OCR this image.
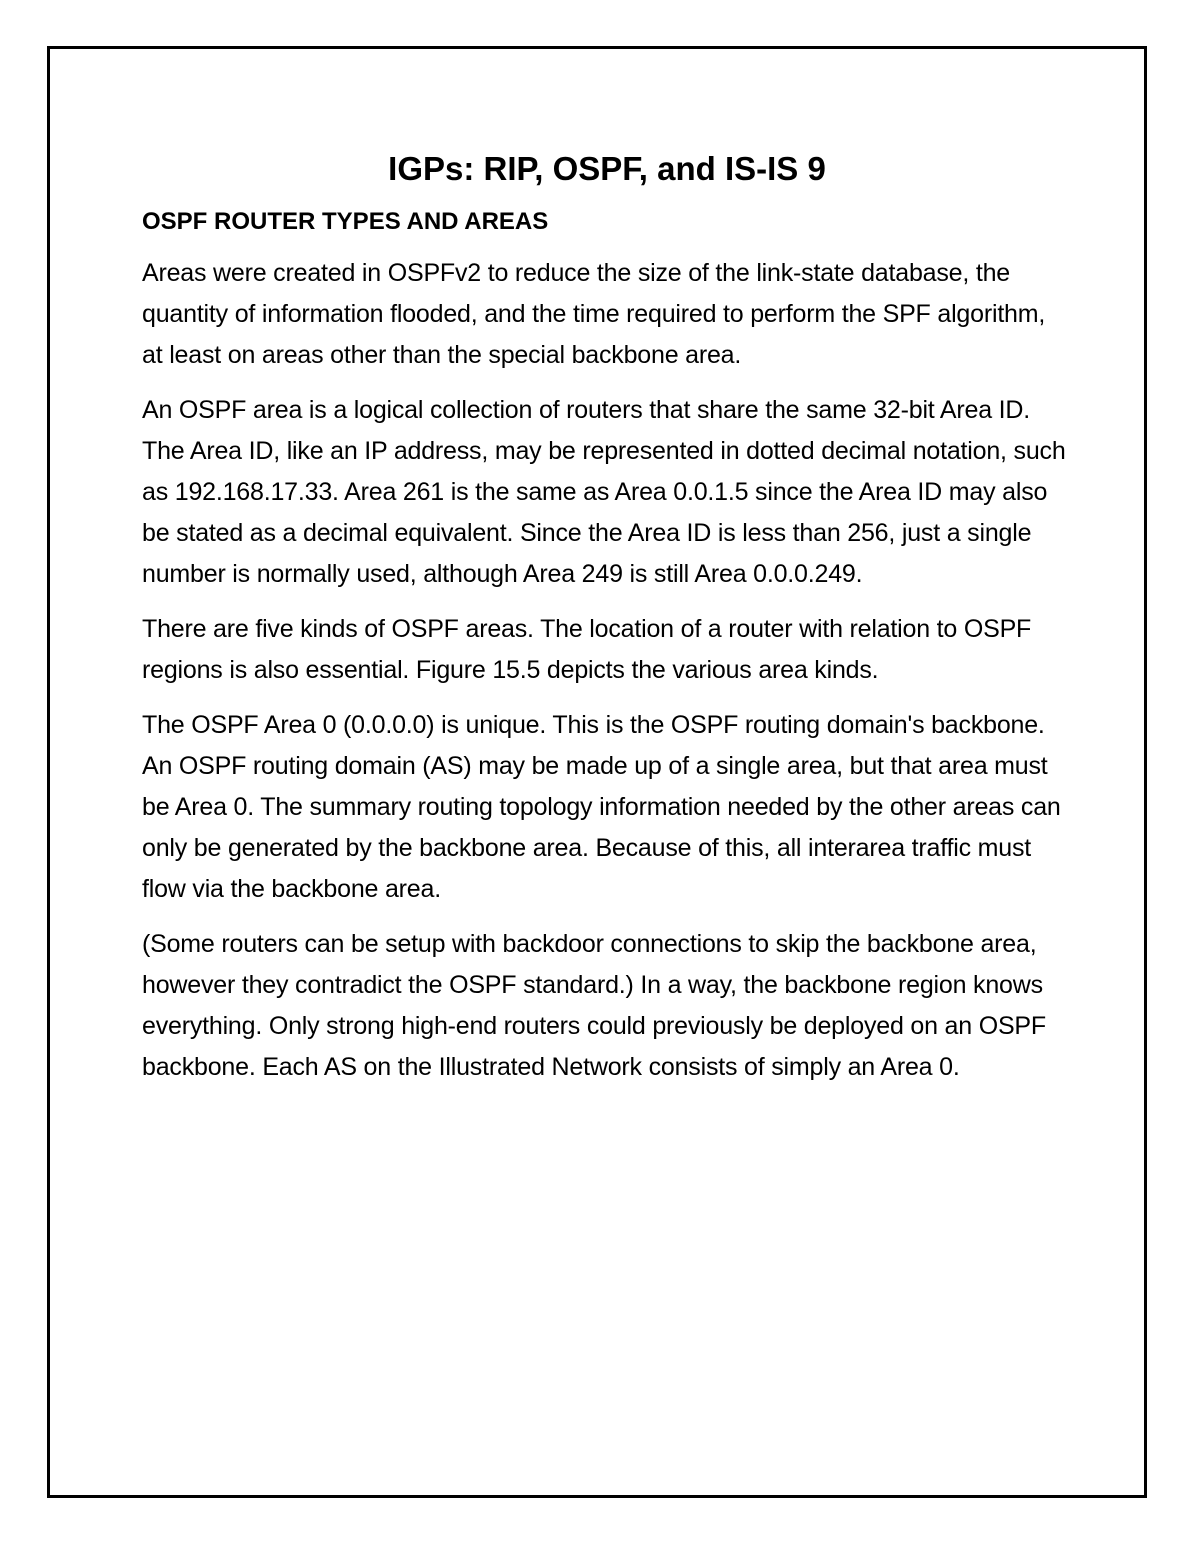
IGPs: RIP, OSPF, and IS-IS 9
OSPF ROUTER TYPES AND AREAS

Areas were created in OSPFv2 to reduce the size of the link-state database, the quantity of information flooded, and the time required to perform the SPF algorithm, at least on areas other than the special backbone area.

An OSPF area is a logical collection of routers that share the same 32-bit Area ID. The Area ID, like an IP address, may be represented in dotted decimal notation, such as 192.168.17.33. Area 261 is the same as Area 0.0.1.5 since the Area ID may also be stated as a decimal equivalent. Since the Area ID is less than 256, just a single number is normally used, although Area 249 is still Area 0.0.0.249.

There are five kinds of OSPF areas. The location of a router with relation to OSPF regions is also essential. Figure 15.5 depicts the various area kinds.

The OSPF Area 0 (0.0.0.0) is unique. This is the OSPF routing domain's backbone. An OSPF routing domain (AS) may be made up of a single area, but that area must be Area 0. The summary routing topology information needed by the other areas can only be generated by the backbone area. Because of this, all interarea traffic must flow via the backbone area.

(Some routers can be setup with backdoor connections to skip the backbone area, however they contradict the OSPF standard.) In a way, the backbone region knows everything. Only strong high-end routers could previously be deployed on an OSPF backbone. Each AS on the Illustrated Network consists of simply an Area 0.
